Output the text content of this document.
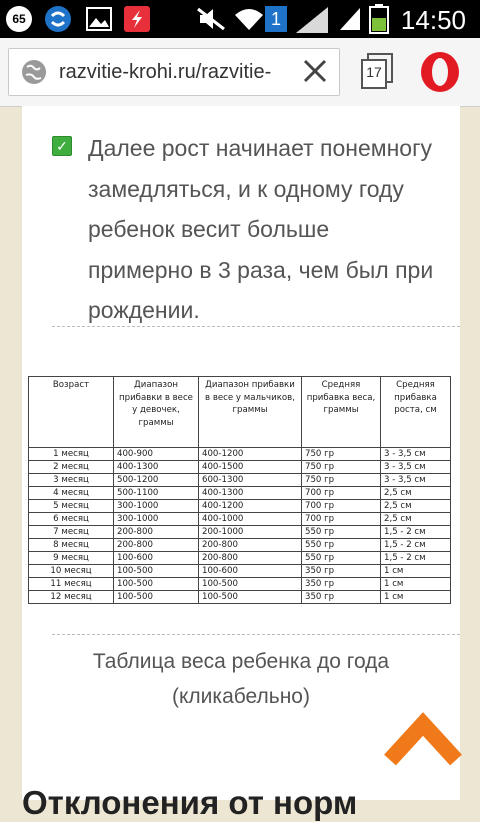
65	1	14:50
razvitie-krohi.ru/razvitie-	17
✓ Далее рост начинает понемногу замедляться, и к одному году ребенок весит больше примерно в 3 раза, чем был при рождении.
Возраст	Диапазон прибавки в весе у девочек, граммы	Диапазон прибавки в весе у мальчиков, граммы	Средняя прибавка веса, граммы	Средняя прибавка роста, см
1 месяц	400-900	400-1200	750 гр	3 - 3,5 см
2 месяц	400-1300	400-1500	750 гр	3 - 3,5 см
3 месяц	500-1200	600-1300	750 гр	3 - 3,5 см
4 месяц	500-1100	400-1300	700 гр	2,5 см
5 месяц	300-1000	400-1200	700 гр	2,5 см
6 месяц	300-1000	400-1000	700 гр	2,5 см
7 месяц	200-800	200-1000	550 гр	1,5 - 2 см
8 месяц	200-800	200-800	550 гр	1,5 - 2 см
9 месяц	100-600	200-800	550 гр	1,5 - 2 см
10 месяц	100-500	100-600	350 гр	1 см
11 месяц	100-500	100-500	350 гр	1 см
12 месяц	100-500	100-500	350 гр	1 см
Таблица веса ребенка до года (кликабельно)
Отклонения от норм
